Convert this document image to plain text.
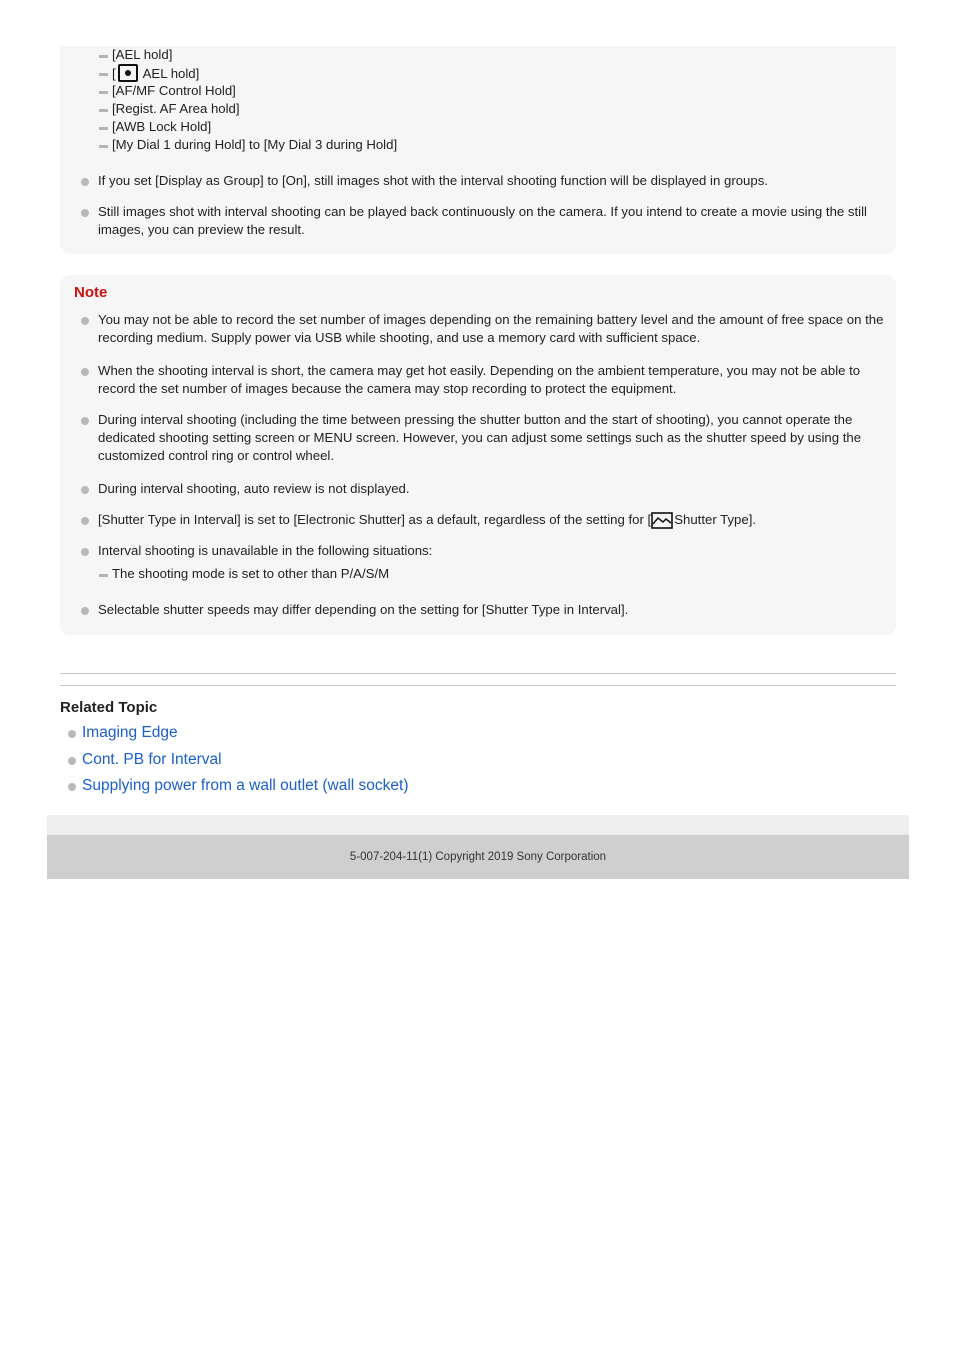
[AEL hold]
[ AEL hold]
[AF/MF Control Hold]
[Regist. AF Area hold]
[AWB Lock Hold]
[My Dial 1 during Hold] to [My Dial 3 during Hold]
If you set [Display as Group] to [On], still images shot with the interval shooting function will be displayed in groups.
Still images shot with interval shooting can be played back continuously on the camera. If you intend to create a movie using the still images, you can preview the result.
Note
You may not be able to record the set number of images depending on the remaining battery level and the amount of free space on the recording medium. Supply power via USB while shooting, and use a memory card with sufficient space.
When the shooting interval is short, the camera may get hot easily. Depending on the ambient temperature, you may not be able to record the set number of images because the camera may stop recording to protect the equipment.
During interval shooting (including the time between pressing the shutter button and the start of shooting), you cannot operate the dedicated shooting setting screen or MENU screen. However, you can adjust some settings such as the shutter speed by using the customized control ring or control wheel.
During interval shooting, auto review is not displayed.
[Shutter Type in Interval] is set to [Electronic Shutter] as a default, regardless of the setting for [ Shutter Type].
Interval shooting is unavailable in the following situations:
The shooting mode is set to other than P/A/S/M
Selectable shutter speeds may differ depending on the setting for [Shutter Type in Interval].
Related Topic
Imaging Edge
Cont. PB for Interval
Supplying power from a wall outlet (wall socket)
5-007-204-11(1) Copyright 2019 Sony Corporation
